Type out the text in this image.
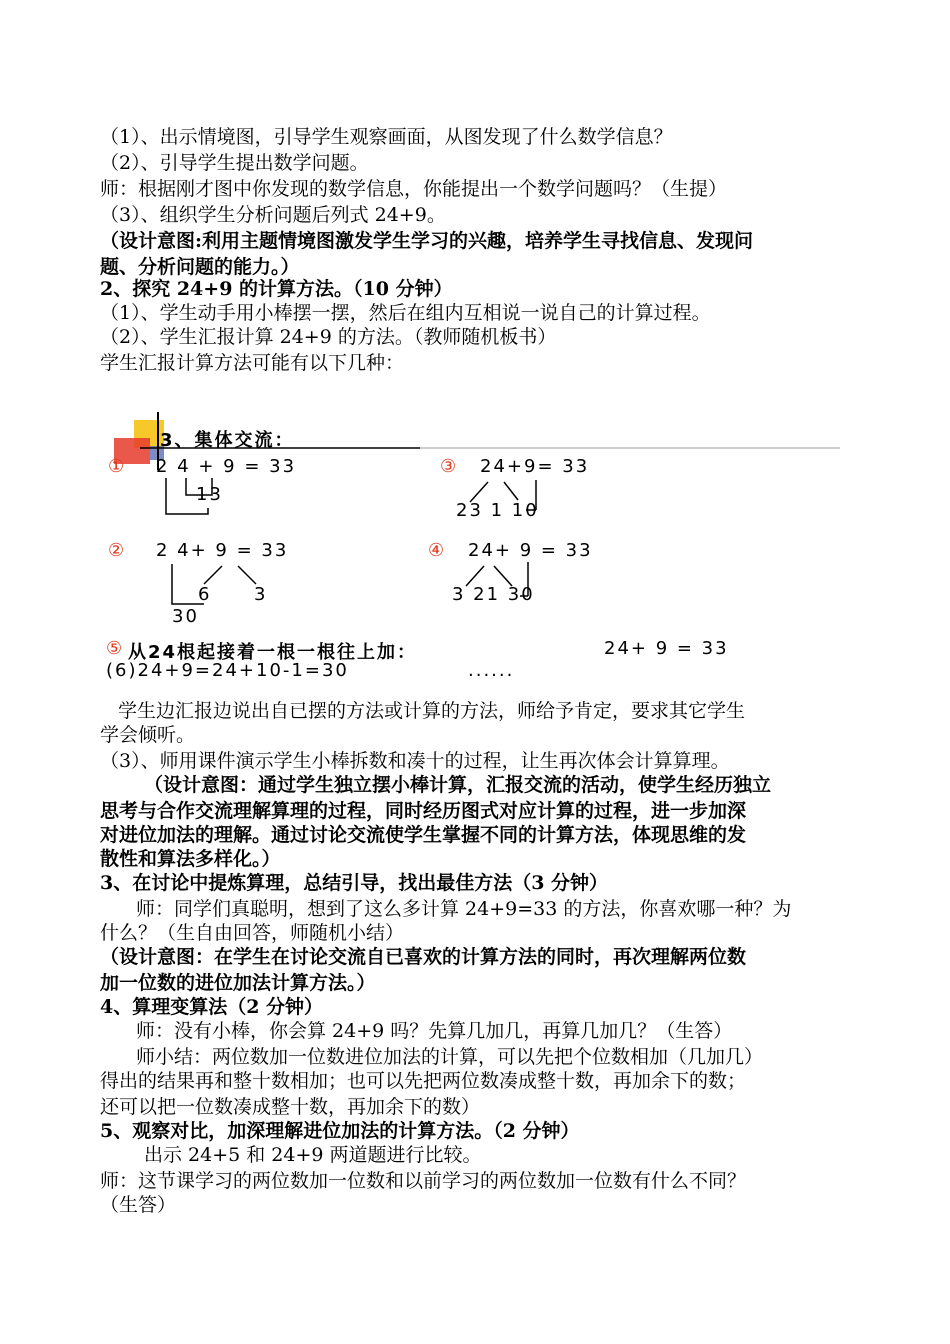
（1）、出示情境图，引导学生观察画面，从图发现了什么数学信息？
（2）、引导学生提出数学问题。
师：根据刚才图中你发现的数学信息，你能提出一个数学问题吗？（生提）
（3）、组织学生分析问题后列式 24+9。
（设计意图:利用主题情境图激发学生学习的兴趣，培养学生寻找信息、发现问
题、分析问题的能力。）
2、探究 24+9 的计算方法。（10 分钟）
（1）、学生动手用小棒摆一摆，然后在组内互相说一说自己的计算过程。
（2）、学生汇报计算 24+9 的方法。（教师随机板书）
学生汇报计算方法可能有以下几种：
3、集体交流：
① 2 4 + 9 = 33
13
③ 24+9= 33
23 1 10
② 2 4+ 9 = 33
6 3
30
④ 24+ 9 = 33
3 21 30
⑤ 从24根起接着一根一根往上加：	24+ 9 = 33
(6)24+9=24+10-1=30	......
学生边汇报边说出自已摆的方法或计算的方法，师给予肯定，要求其它学生
学会倾听。
（3）、师用课件演示学生小棒拆数和凑十的过程，让生再次体会计算算理。
（设计意图：通过学生独立摆小棒计算，汇报交流的活动，使学生经历独立
思考与合作交流理解算理的过程，同时经历图式对应计算的过程，进一步加深
对进位加法的理解。通过讨论交流使学生掌握不同的计算方法，体现思维的发
散性和算法多样化。）
3、在讨论中提炼算理，总结引导，找出最佳方法（3 分钟）
师：同学们真聪明，想到了这么多计算 24+9=33 的方法，你喜欢哪一种？为
什么？（生自由回答，师随机小结）
（设计意图：在学生在讨论交流自已喜欢的计算方法的同时，再次理解两位数
加一位数的进位加法计算方法。）
4、算理变算法（2 分钟）
师：没有小棒，你会算 24+9 吗？先算几加几，再算几加几？（生答）
师小结：两位数加一位数进位加法的计算，可以先把个位数相加（几加几）
得出的结果再和整十数相加；也可以先把两位数凑成整十数，再加余下的数；
还可以把一位数凑成整十数，再加余下的数）
5、观察对比，加深理解进位加法的计算方法。（2 分钟）
出示 24+5 和 24+9 两道题进行比较。
师：这节课学习的两位数加一位数和以前学习的两位数加一位数有什么不同？
（生答）
